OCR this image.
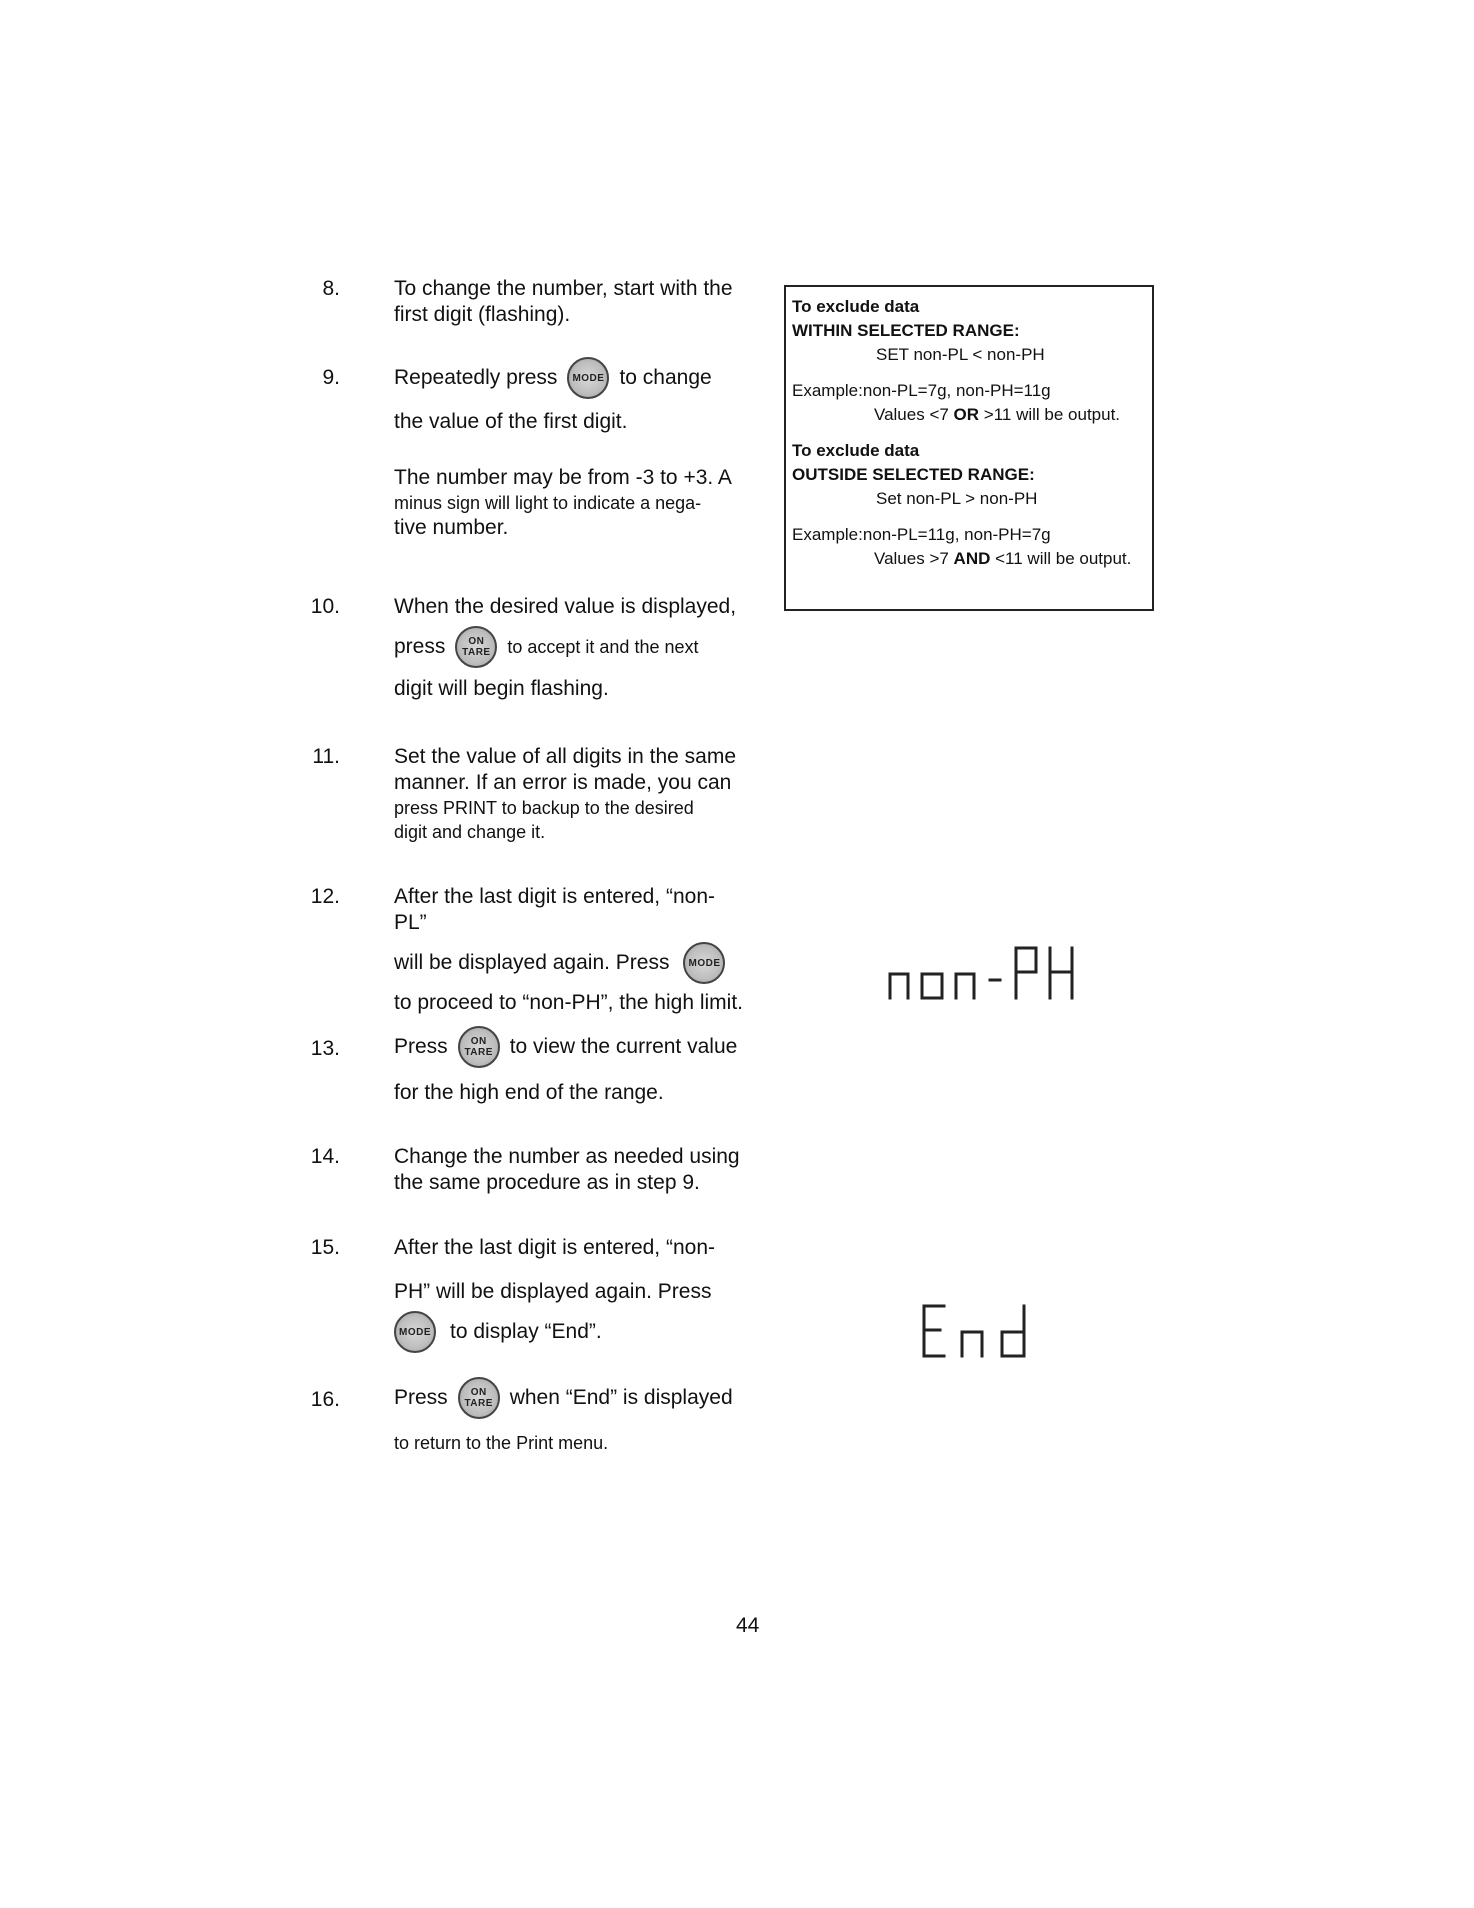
8.	To change the number, start with the

first digit (flashing).

9.	Repeatedly press MODE to change

the value of the first digit.

The number may be from -3 to +3. A

minus sign will light to indicate a nega-

tive number.

10.	When the desired value is displayed,

press ON
TARE to accept it and the next

digit will begin flashing.

11.	Set the value of all digits in the same

manner. If an error is made, you can

press PRINT to backup to the desired

digit and change it.

12.	After the last digit is entered, “non-PL”

will be displayed again. Press MODE

to proceed to “non-PH”, the high limit.

13.	Press ON
TARE to view the current value

for the high end of the range.

14.	Change the number as needed using

the same procedure as in step 9.

15.	After the last digit is entered, “non-

PH” will be displayed again. Press

MODE to display “End”.
16.	Press ON
TARE when “End” is displayed

to return to the Print menu.

To exclude data
WITHIN SELECTED RANGE:
SET non-PL < non-PH
Example:non-PL=7g, non-PH=11g
Values <7 OR >11 will be output.
To exclude data
OUTSIDE SELECTED RANGE:
Set non-PL > non-PH
Example:non-PL=11g, non-PH=7g
Values >7 AND <11 will be output.
44
